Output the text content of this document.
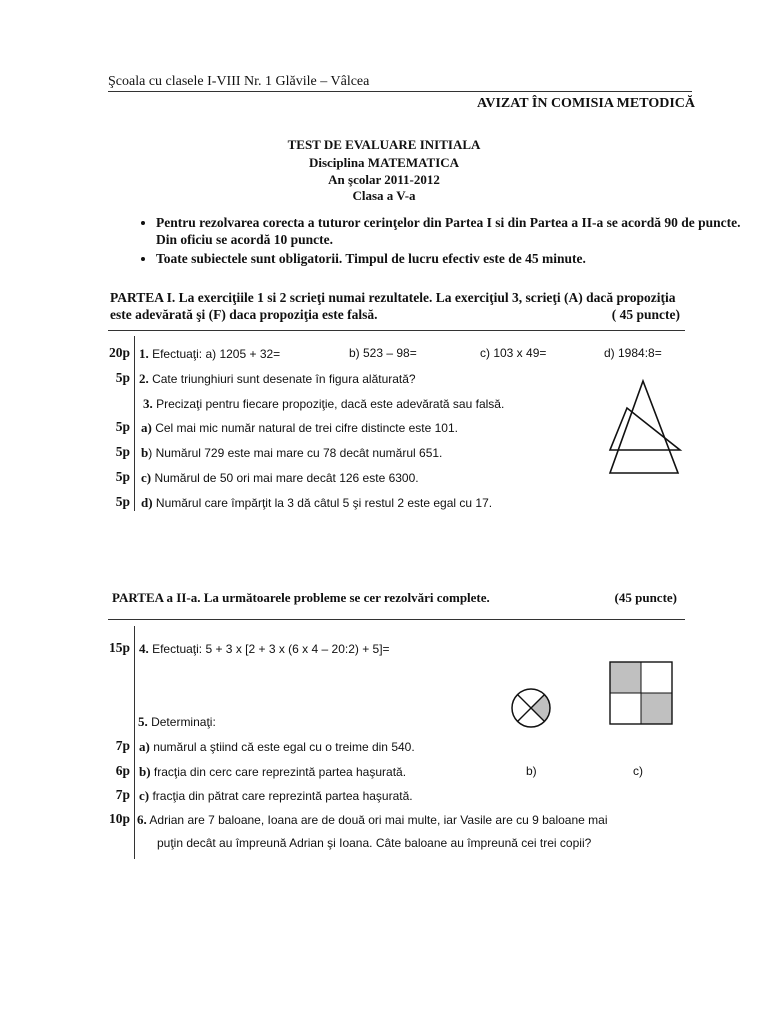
Şcoala cu clasele I-VIII Nr. 1 Glăvile – Vâlcea
AVIZAT ÎN COMISIA METODICĂ
TEST DE EVALUARE INITIALA
Disciplina MATEMATICA
An şcolar 2011-2012
Clasa a V-a
• Pentru rezolvarea corecta a tuturor cerinţelor din Partea I si din Partea a II-a se acordă 90 de puncte. Din oficiu se acordă 10 puncte.
• Toate subiectele sunt obligatorii. Timpul de lucru efectiv este de 45 minute.
PARTEA I. La exerciţiile 1 si 2 scrieţi numai rezultatele. La exerciţiul 3, scrieţi (A) dacă propoziţia este adevărată şi (F) daca propoziţia este falsă.	( 45 puncte)
20p 1. Efectuaţi: a) 1205 + 32=	b) 523 – 98=	c) 103 x 49=	d) 1984:8=
5p 2. Cate triunghiuri sunt desenate în figura alăturată?
3. Precizaţi pentru fiecare propoziţie, dacă este adevărată sau falsă.
5p a) Cel mai mic număr natural de trei cifre distincte este 101.
5p b) Numărul 729 este mai mare cu 78 decât numărul 651.
5p c) Numărul de 50 ori mai mare decât 126 este 6300.
5p d) Numărul care împărţit la 3 dă câtul 5 şi restul 2 este egal cu 17.
PARTEA a II-a. La următoarele probleme se cer rezolvări complete.	(45 puncte)
15p 4. Efectuaţi: 5 + 3 x [2 + 3 x (6 x 4 – 20:2) + 5]=
5. Determinaţi:
7p a) numărul a ştiind că este egal cu o treime din 540.
6p b) fracţia din cerc care reprezintă partea haşurată.	b)	c)
7p c) fracţia din pătrat care reprezintă partea haşurată.
10p 6. Adrian are 7 baloane, Ioana are de două ori mai multe, iar Vasile are cu 9 baloane mai
puţin decât au împreună Adrian şi Ioana. Câte baloane au împreună cei trei copii?
